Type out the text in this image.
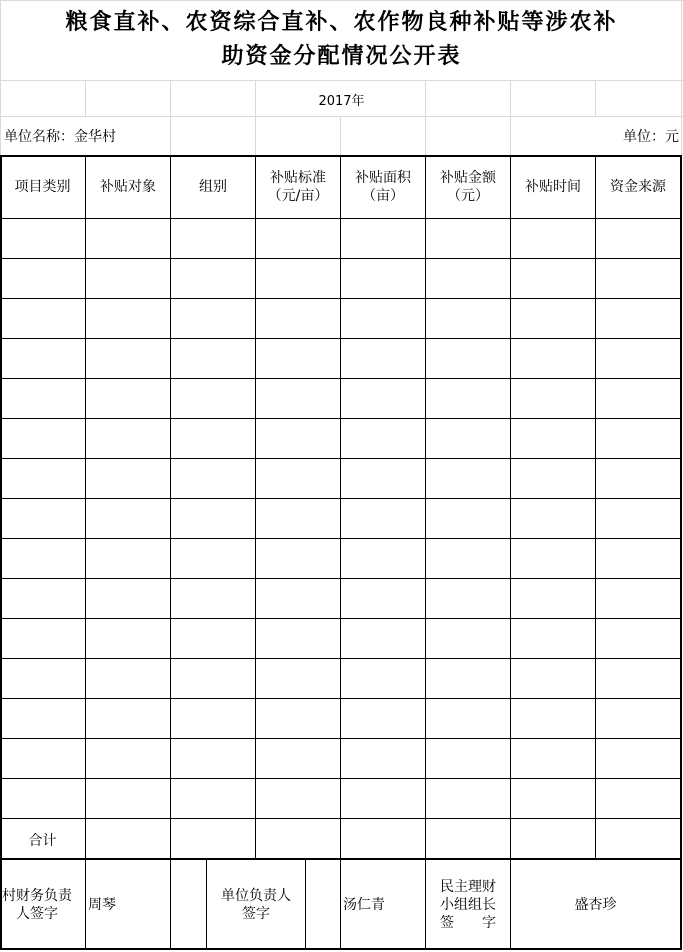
粮食直补、农资综合直补、农作物良种补贴等涉农补
助资金分配情况公开表
2017年
单位名称：金华村	单位：元
项目类别 补贴对象	组别
补贴标准
（元/亩）
补贴面积
（亩）
补贴金额
（元）
补贴时间 资金来源
合计
村财务负责
人签字
周琴
单位负责人
签字
汤仁青
民主理财
小组组长
签　　字
盛杏珍
